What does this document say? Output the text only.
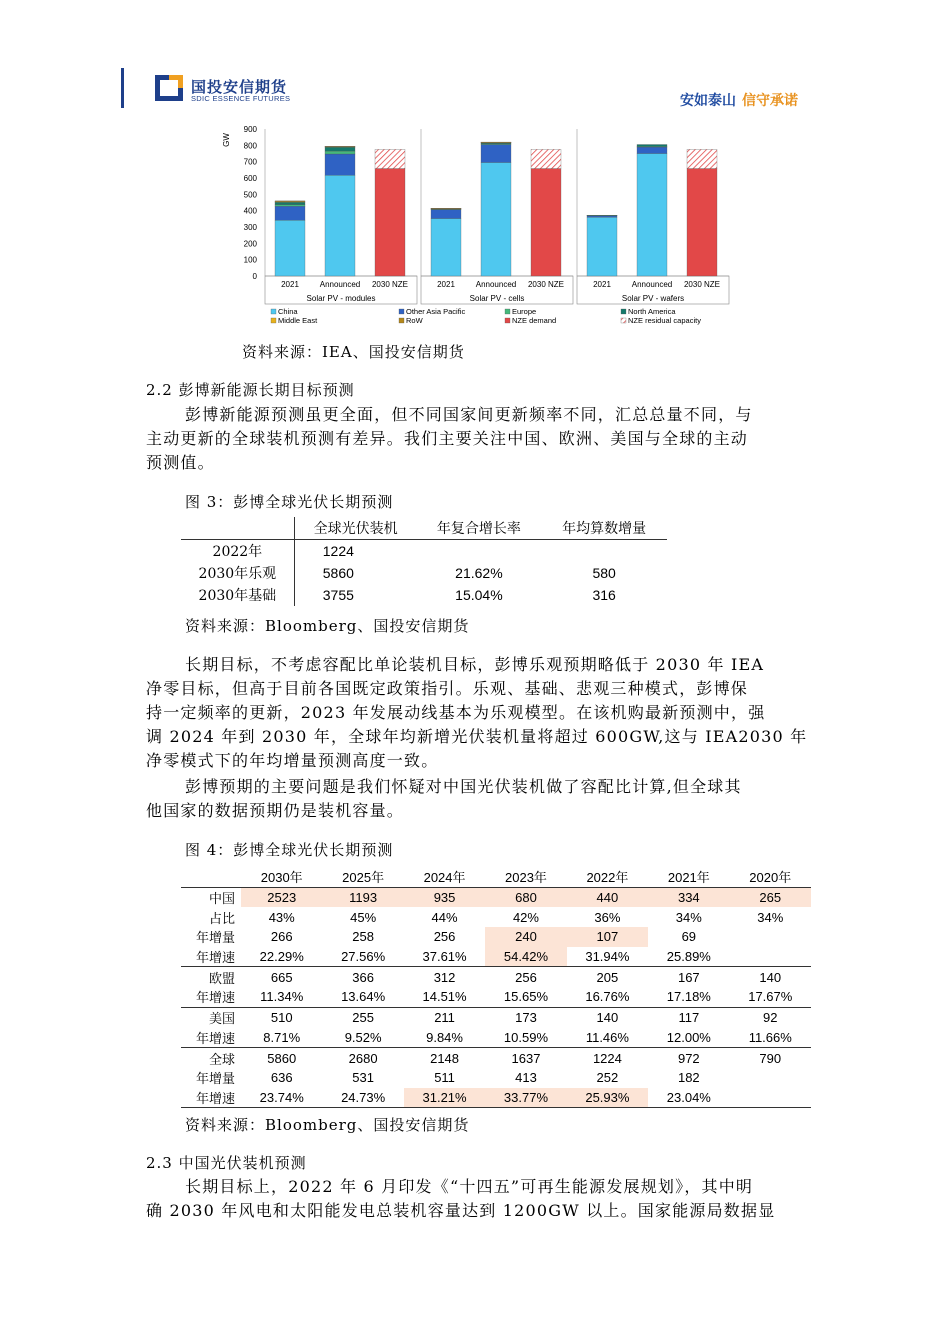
国投安信期货
SDIC ESSENCE FUTURES	安如泰山 信守承诺
GW
0
100
200
300
400
500
600
700
800
900
Solar PV - modules
2021	Announced 2030 NZE
Solar PV - cells
2021	Announced 2030 NZE
Solar PV - wafers
2021	Announced 2030 NZE
China	Other Asia Pacific	Europe	North America
Middle East	RoW	NZE demand	NZE residual capacity
资料来源：IEA、国投安信期货
2.2 彭博新能源长期目标预测
彭博新能源预测虽更全面，但不同国家间更新频率不同，汇总总量不同，与
主动更新的全球装机预测有差异。我们主要关注中国、欧洲、美国与全球的主动
预测值。
图 3：彭博全球光伏长期预测
	全球光伏装机	年复合增长率	年均算数增量
2022年	1224		
2030年乐观	5860	21.62%	580
2030年基础	3755	15.04%	316
资料来源：Bloomberg、国投安信期货
长期目标，不考虑容配比单论装机目标，彭博乐观预期略低于 2030 年 IEA
净零目标，但高于目前各国既定政策指引。乐观、基础、悲观三种模式，彭博保
持一定频率的更新，2023 年发展动线基本为乐观模型。在该机购最新预测中，强
调 2024 年到 2030 年，全球年均新增光伏装机量将超过 600GW,这与 IEA2030 年
净零模式下的年均增量预测高度一致。
彭博预期的主要问题是我们怀疑对中国光伏装机做了容配比计算,但全球其
他国家的数据预期仍是装机容量。
图 4：彭博全球光伏长期预测
	2030年	2025年	2024年	2023年	2022年	2021年	2020年
中国	2523	1193	935	680	440	334	265
占比	43%	45%	44%	42%	36%	34%	34%
年增量	266	258	256	240	107	69	
年增速	22.29%	27.56%	37.61%	54.42%	31.94%	25.89%	
欧盟	665	366	312	256	205	167	140
年增速	11.34%	13.64%	14.51%	15.65%	16.76%	17.18%	17.67%
美国	510	255	211	173	140	117	92
年增速	8.71%	9.52%	9.84%	10.59%	11.46%	12.00%	11.66%
全球	5860	2680	2148	1637	1224	972	790
年增量	636	531	511	413	252	182	
年增速	23.74%	24.73%	31.21%	33.77%	25.93%	23.04%	
资料来源：Bloomberg、国投安信期货
2.3 中国光伏装机预测
长期目标上，2022 年 6 月印发《“十四五”可再生能源发展规划》，其中明
确 2030 年风电和太阳能发电总装机容量达到 1200GW 以上。国家能源局数据显
